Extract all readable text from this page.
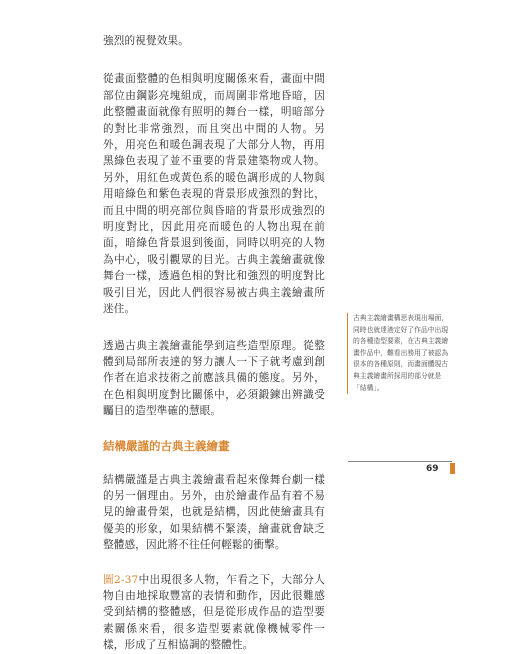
強烈的視覺效果。

從畫面整體的色相與明度關係來看，畫面中間部位由鋼影亮塊組成，而周圍非常地昏暗，因此整體畫面就像有照明的舞台一樣，明暗部分的對比非常強烈，而且突出中間的人物。另外，用亮色和暖色調表現了大部分人物，再用黑綠色表現了並不重要的背景建築物或人物。另外，用紅色或黃色系的暖色調形成的人物與用暗綠色和紫色表現的背景形成強烈的對比，而且中間的明亮部位與昏暗的背景形成強烈的明度對比，因此用亮而暖色的人物出現在前面，暗綠色背景退到後面，同時以明亮的人物為中心，吸引觀眾的目光。古典主義繪畫就像舞台一樣，透過色相的對比和強烈的明度對比吸引目光，因此人們很容易被古典主義繪畫所迷住。

透過古典主義繪畫能學到這些造型原理。從整體到局部所表達的努力讓人一下子就考慮到創作者在追求技術之前應該具備的態度。另外，在色相與明度對比關係中，必須鍛鍊出辨識受矚目的造型準確的慧眼。

結構嚴謹的古典主義繪畫

結構嚴謹是古典主義繪畫看起來像舞台劇一樣的另一個理由。另外，由於繪畫作品有着不易見的繪畫骨架，也就是結構，因此使繪畫具有優美的形象，如果結構不緊湊，繪畫就會缺乏整體感，因此將不往任何輕鬆的衝擊。

圖2-37中出現很多人物，乍看之下，大部分人物自由地採取豐富的表情和動作，因此很難感受到結構的整體感，但是從形成作品的造型要素關係來看，很多造型要素就像機械零件一樣，形成了互相協調的整體性。

古典主義繪畫構思表現出場面，同時也就達港定好了作品中出現的各種造型要素，在古典主義繪畫作品中，難看出務用了被認為很本的各種原則，而畫面體現古典主義繪畫所採用的部分就是「結構」。

69
